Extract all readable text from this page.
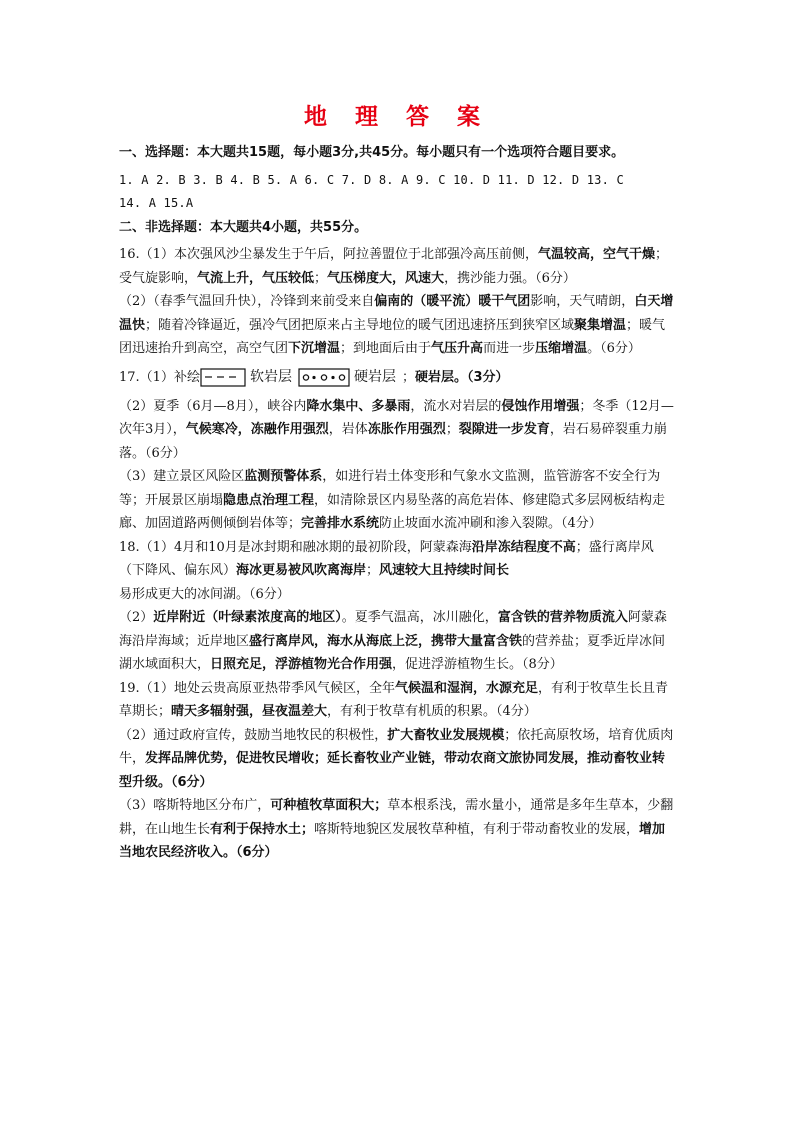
地 理 答 案

一、选择题：本大题共15题，每小题3分,共45分。每小题只有一个选项符合题目要求。

1. A 2. B 3. B 4. B 5. A 6. C 7. D 8. A 9. C 10. D 11. D 12. D 13. C

14. A 15.A

二、非选择题：本大题共4小题，共55分。

16.（1）本次强风沙尘暴发生于午后，阿拉善盟位于北部强冷高压前侧，气温较高，空气干燥；受气旋影响，气流上升，气压较低；气压梯度大，风速大，携沙能力强。（6分）

（2）（春季气温回升快），冷锋到来前受来自偏南的（暖平流）暖干气团影响，天气晴朗，白天增温快；随着冷锋逼近，强冷气团把原来占主导地位的暖气团迅速挤压到狭窄区域聚集增温；暖气团迅速抬升到高空，高空气团下沉增温；到地面后由于气压升高而进一步压缩增温。（6分）

17.（1）补绘	软岩层	硬岩层 ； 硬岩层。（3分）

（2）夏季（6月—8月），峡谷内降水集中、多暴雨，流水对岩层的侵蚀作用增强；冬季（12月—次年3月），气候寒冷，冻融作用强烈，岩体冻胀作用强烈；裂隙进一步发育，岩石易碎裂重力崩落。（6分）

（3）建立景区风险区监测预警体系，如进行岩土体变形和气象水文监测，监管游客不安全行为等；开展景区崩塌隐患点治理工程，如清除景区内易坠落的高危岩体、修建隐式多层网板结构走廊、加固道路两侧倾倒岩体等；完善排水系统防止坡面水流冲刷和渗入裂隙。（4分）

18.（1）4月和10月是冰封期和融冰期的最初阶段，阿蒙森海沿岸冻结程度不高；盛行离岸风（下降风、偏东风）海冰更易被风吹离海岸；风速较大且持续时间长易形成更大的冰间湖。（6分）

（2）近岸附近（叶绿素浓度高的地区）。夏季气温高，冰川融化，富含铁的营养物质流入阿蒙森海沿岸海域；近岸地区盛行离岸风，海水从海底上泛，携带大量富含铁的营养盐；夏季近岸冰间湖水域面积大，日照充足，浮游植物光合作用强，促进浮游植物生长。（8分）

19.（1）地处云贵高原亚热带季风气候区，全年气候温和湿润，水源充足，有利于牧草生长且青草期长；晴天多辐射强，昼夜温差大，有利于牧草有机质的积累。（4分）

（2）通过政府宣传，鼓励当地牧民的积极性，扩大畜牧业发展规模；依托高原牧场，培育优质肉牛，发挥品牌优势，促进牧民增收；延长畜牧业产业链，带动农商文旅协同发展，推动畜牧业转型升级。（6分）

（3）喀斯特地区分布广，可种植牧草面积大；草本根系浅，需水量小，通常是多年生草本，少翻耕，在山地生长有利于保持水土；喀斯特地貌区发展牧草种植，有利于带动畜牧业的发展，增加当地农民经济收入。（6分）
